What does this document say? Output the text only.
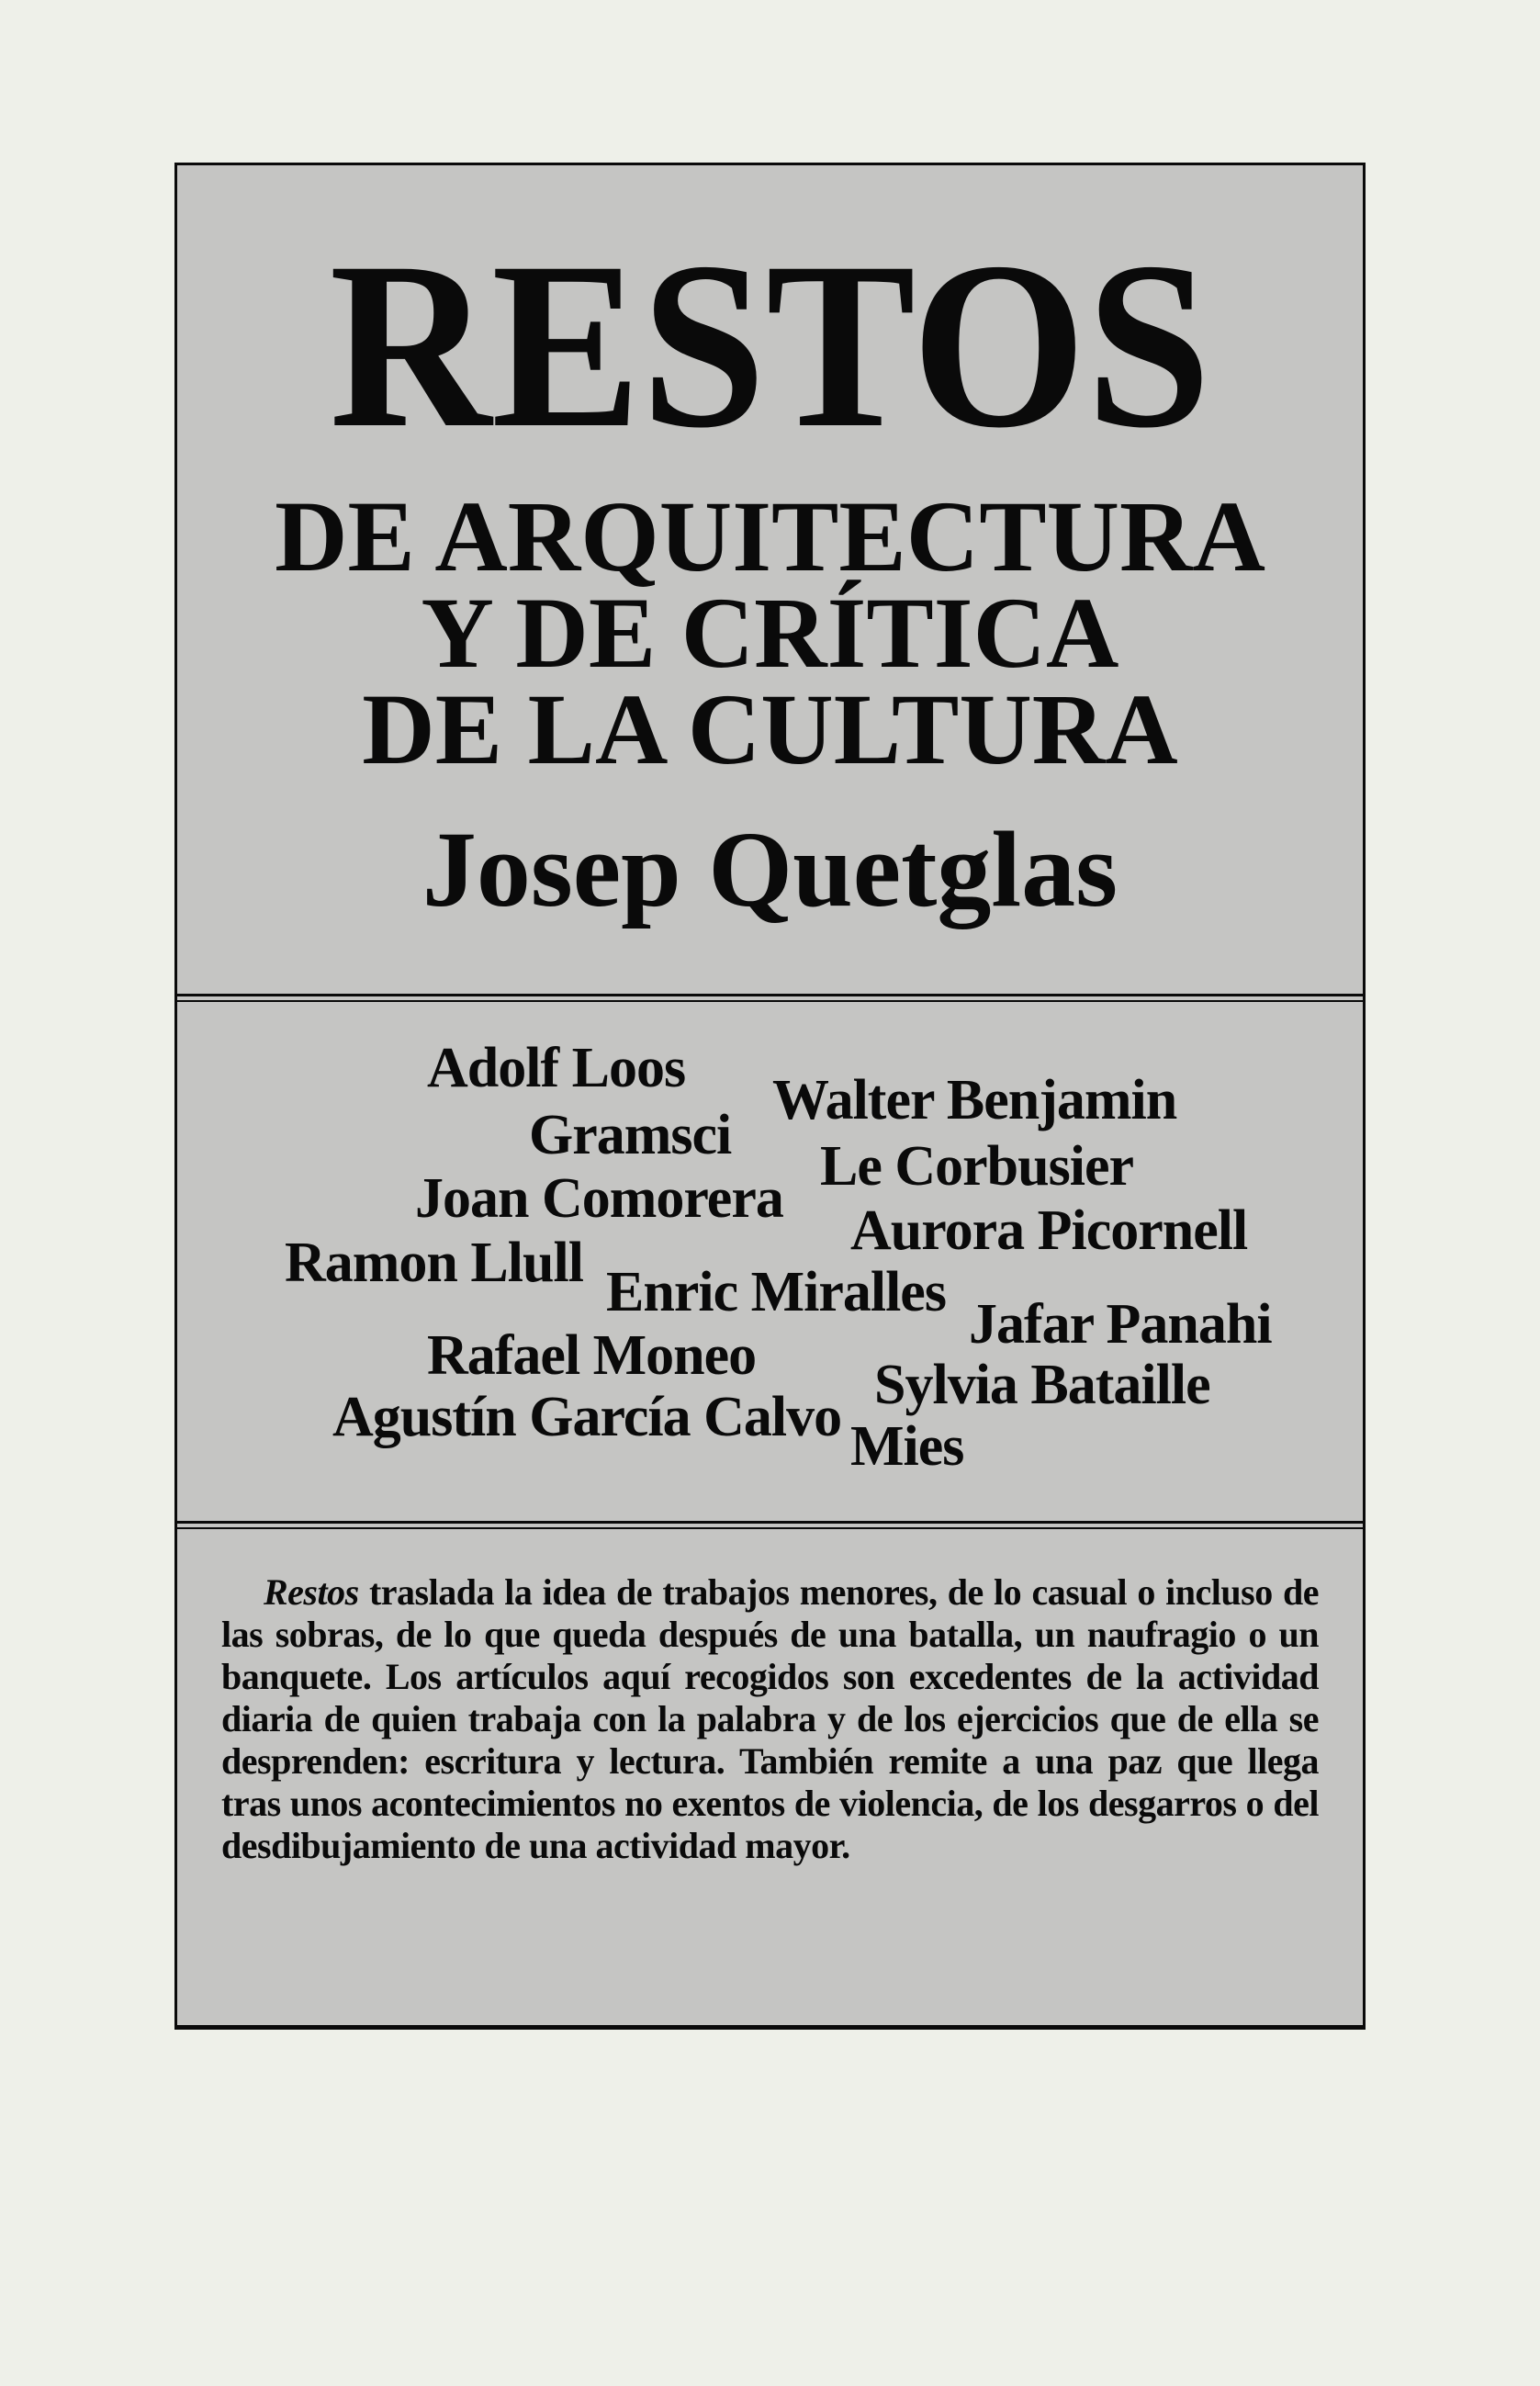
RESTOS
DE ARQUITECTURA
Y DE CRÍTICA
DE LA CULTURA
Josep Quetglas
Adolf Loos
Walter Benjamin
Gramsci Le Corbusier
Joan Comorera
Aurora Picornell
Ramon Llull Enric Miralles
Jafar Panahi
Rafael Moneo Sylvia Bataille
Agustín García Calvo Mies

Restos traslada la idea de trabajos menores, de lo casual o incluso de las sobras, de lo que queda después de una batalla, un naufragio o un banquete. Los artículos aquí recogidos son excedentes de la actividad diaria de quien trabaja con la palabra y de los ejercicios que de ella se desprenden: escritura y lectura. También remite a una paz que llega tras unos acontecimientos no exentos de violencia, de los desgarros o del desdibujamiento de una actividad mayor.
